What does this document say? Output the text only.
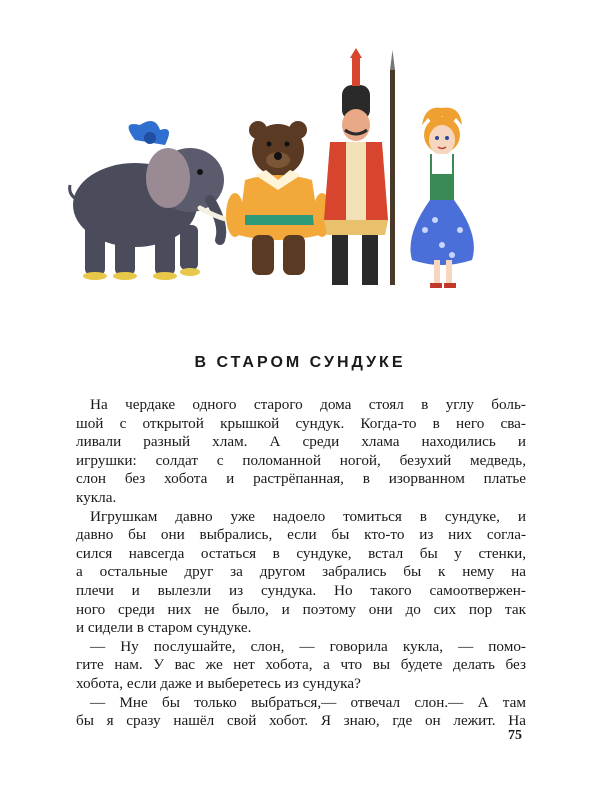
В СТАРОМ СУНДУКЕ

На чердаке одного старого дома стоял в углу боль-
шой с открытой крышкой сундук. Когда-то в него сва-
ливали разный хлам. А среди хлама находились и
игрушки: солдат с поломанной ногой, безухий медведь,
слон без хобота и растрёпанная, в изорванном платье
кукла.

Игрушкам давно уже надоело томиться в сундуке, и
давно бы они выбрались, если бы кто-то из них согла-
сился навсегда остаться в сундуке, встал бы у стенки,
а остальные друг за другом забрались бы к нему на
плечи и вылезли из сундука. Но такого самоотвержен-
ного среди них не было, и поэтому они до сих пор так
и сидели в старом сундуке.

— Ну послушайте, слон, — говорила кукла, — помо-
гите нам. У вас же нет хобота, а что вы будете делать без
хобота, если даже и выберетесь из сундука?

— Мне бы только выбраться,— отвечал слон.— А там
бы я сразу нашёл свой хобот. Я знаю, где он лежит. На

75
